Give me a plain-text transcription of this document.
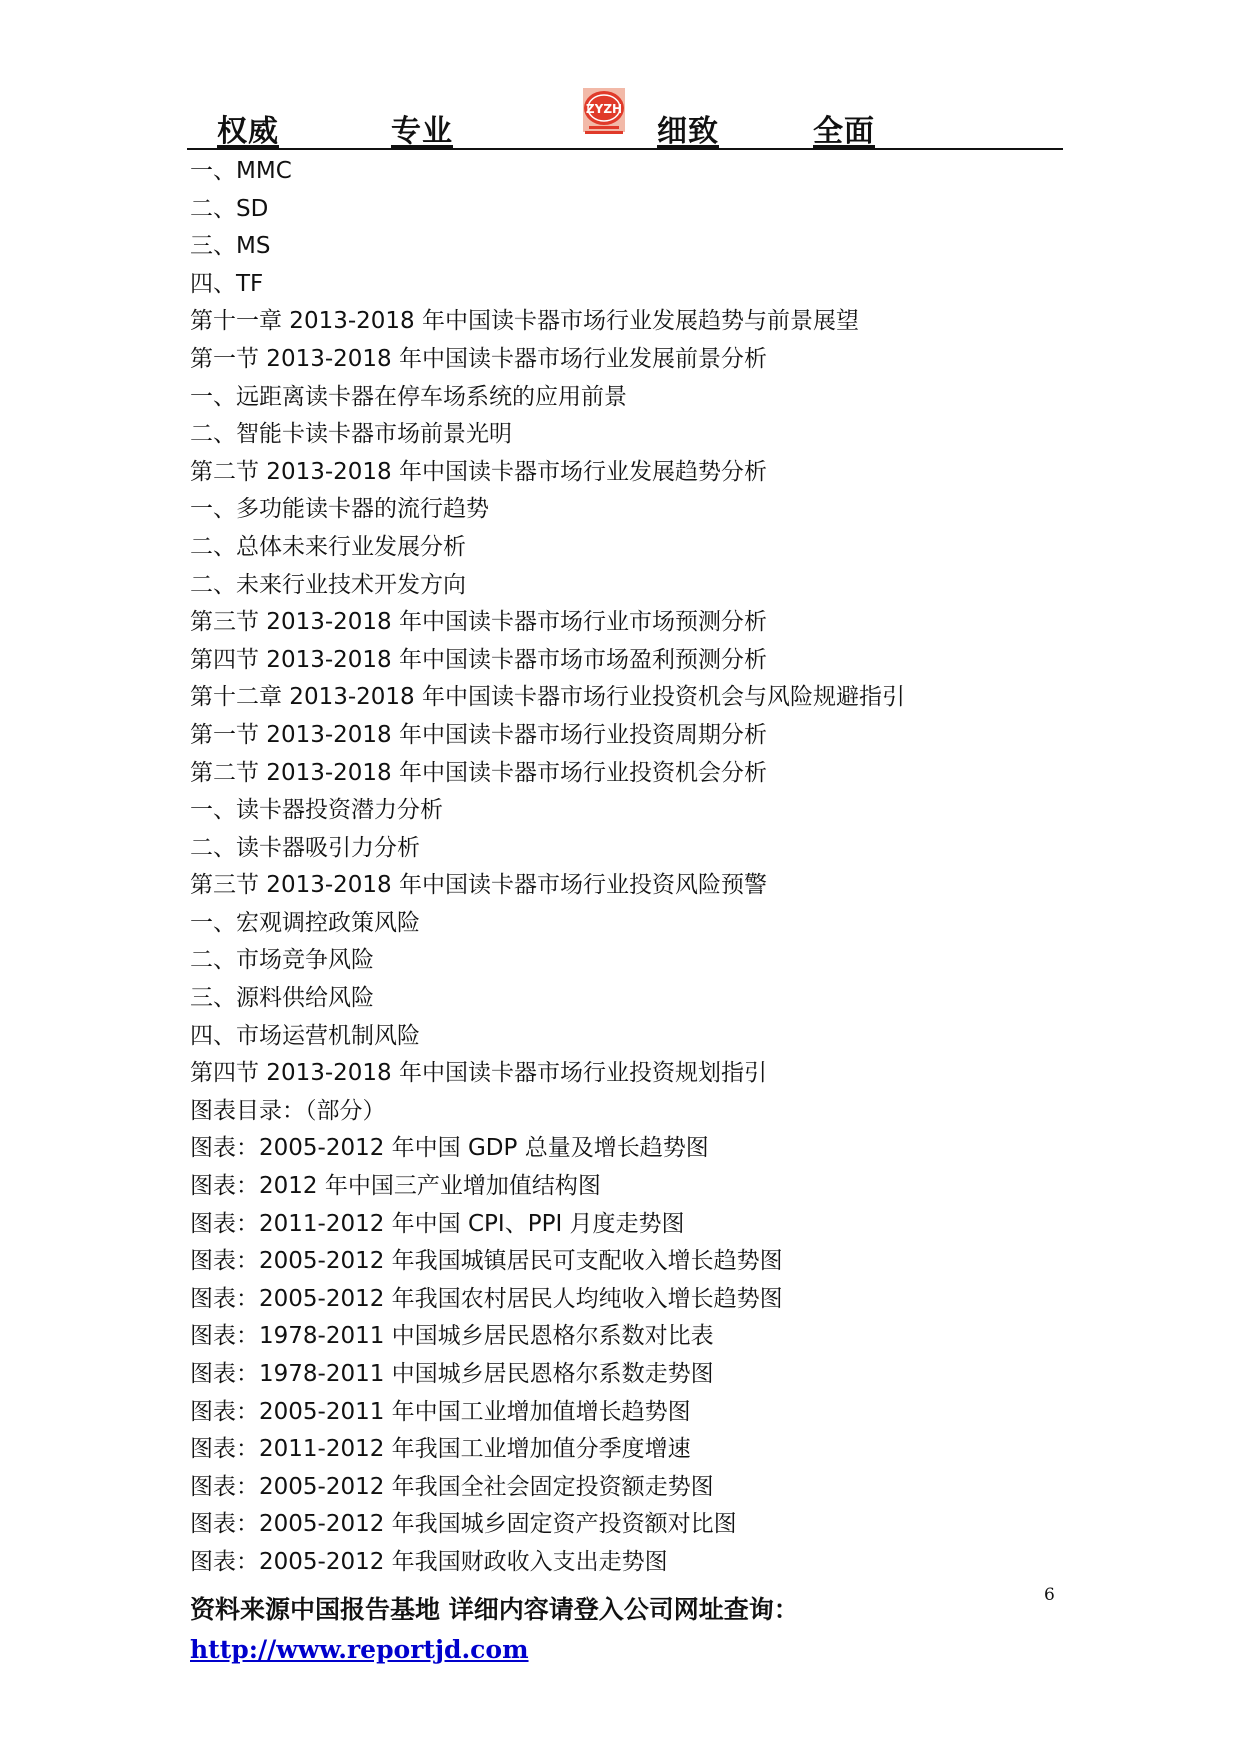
权威	专业
ZYZH
细致	全面
一、MMC
二、SD
三、MS
四、TF
第十一章 2013-2018 年中国读卡器市场行业发展趋势与前景展望
第一节 2013-2018 年中国读卡器市场行业发展前景分析
一、远距离读卡器在停车场系统的应用前景
二、智能卡读卡器市场前景光明
第二节 2013-2018 年中国读卡器市场行业发展趋势分析
一、多功能读卡器的流行趋势
二、总体未来行业发展分析
二、未来行业技术开发方向
第三节 2013-2018 年中国读卡器市场行业市场预测分析
第四节 2013-2018 年中国读卡器市场市场盈利预测分析
第十二章 2013-2018 年中国读卡器市场行业投资机会与风险规避指引
第一节 2013-2018 年中国读卡器市场行业投资周期分析
第二节 2013-2018 年中国读卡器市场行业投资机会分析
一、读卡器投资潜力分析
二、读卡器吸引力分析
第三节 2013-2018 年中国读卡器市场行业投资风险预警
一、宏观调控政策风险
二、市场竞争风险
三、源料供给风险
四、市场运营机制风险
第四节 2013-2018 年中国读卡器市场行业投资规划指引
图表目录：（部分）
图表：2005-2012 年中国 GDP 总量及增长趋势图
图表：2012 年中国三产业增加值结构图
图表：2011-2012 年中国 CPI、PPI 月度走势图
图表：2005-2012 年我国城镇居民可支配收入增长趋势图
图表：2005-2012 年我国农村居民人均纯收入增长趋势图
图表：1978-2011 中国城乡居民恩格尔系数对比表
图表：1978-2011 中国城乡居民恩格尔系数走势图
图表：2005-2011 年中国工业增加值增长趋势图
图表：2011-2012 年我国工业增加值分季度增速
图表：2005-2012 年我国全社会固定投资额走势图
图表：2005-2012 年我国城乡固定资产投资额对比图
图表：2005-2012 年我国财政收入支出走势图
6
资料来源中国报告基地 详细内容请登入公司网址查询：
http://www.reportjd.com
